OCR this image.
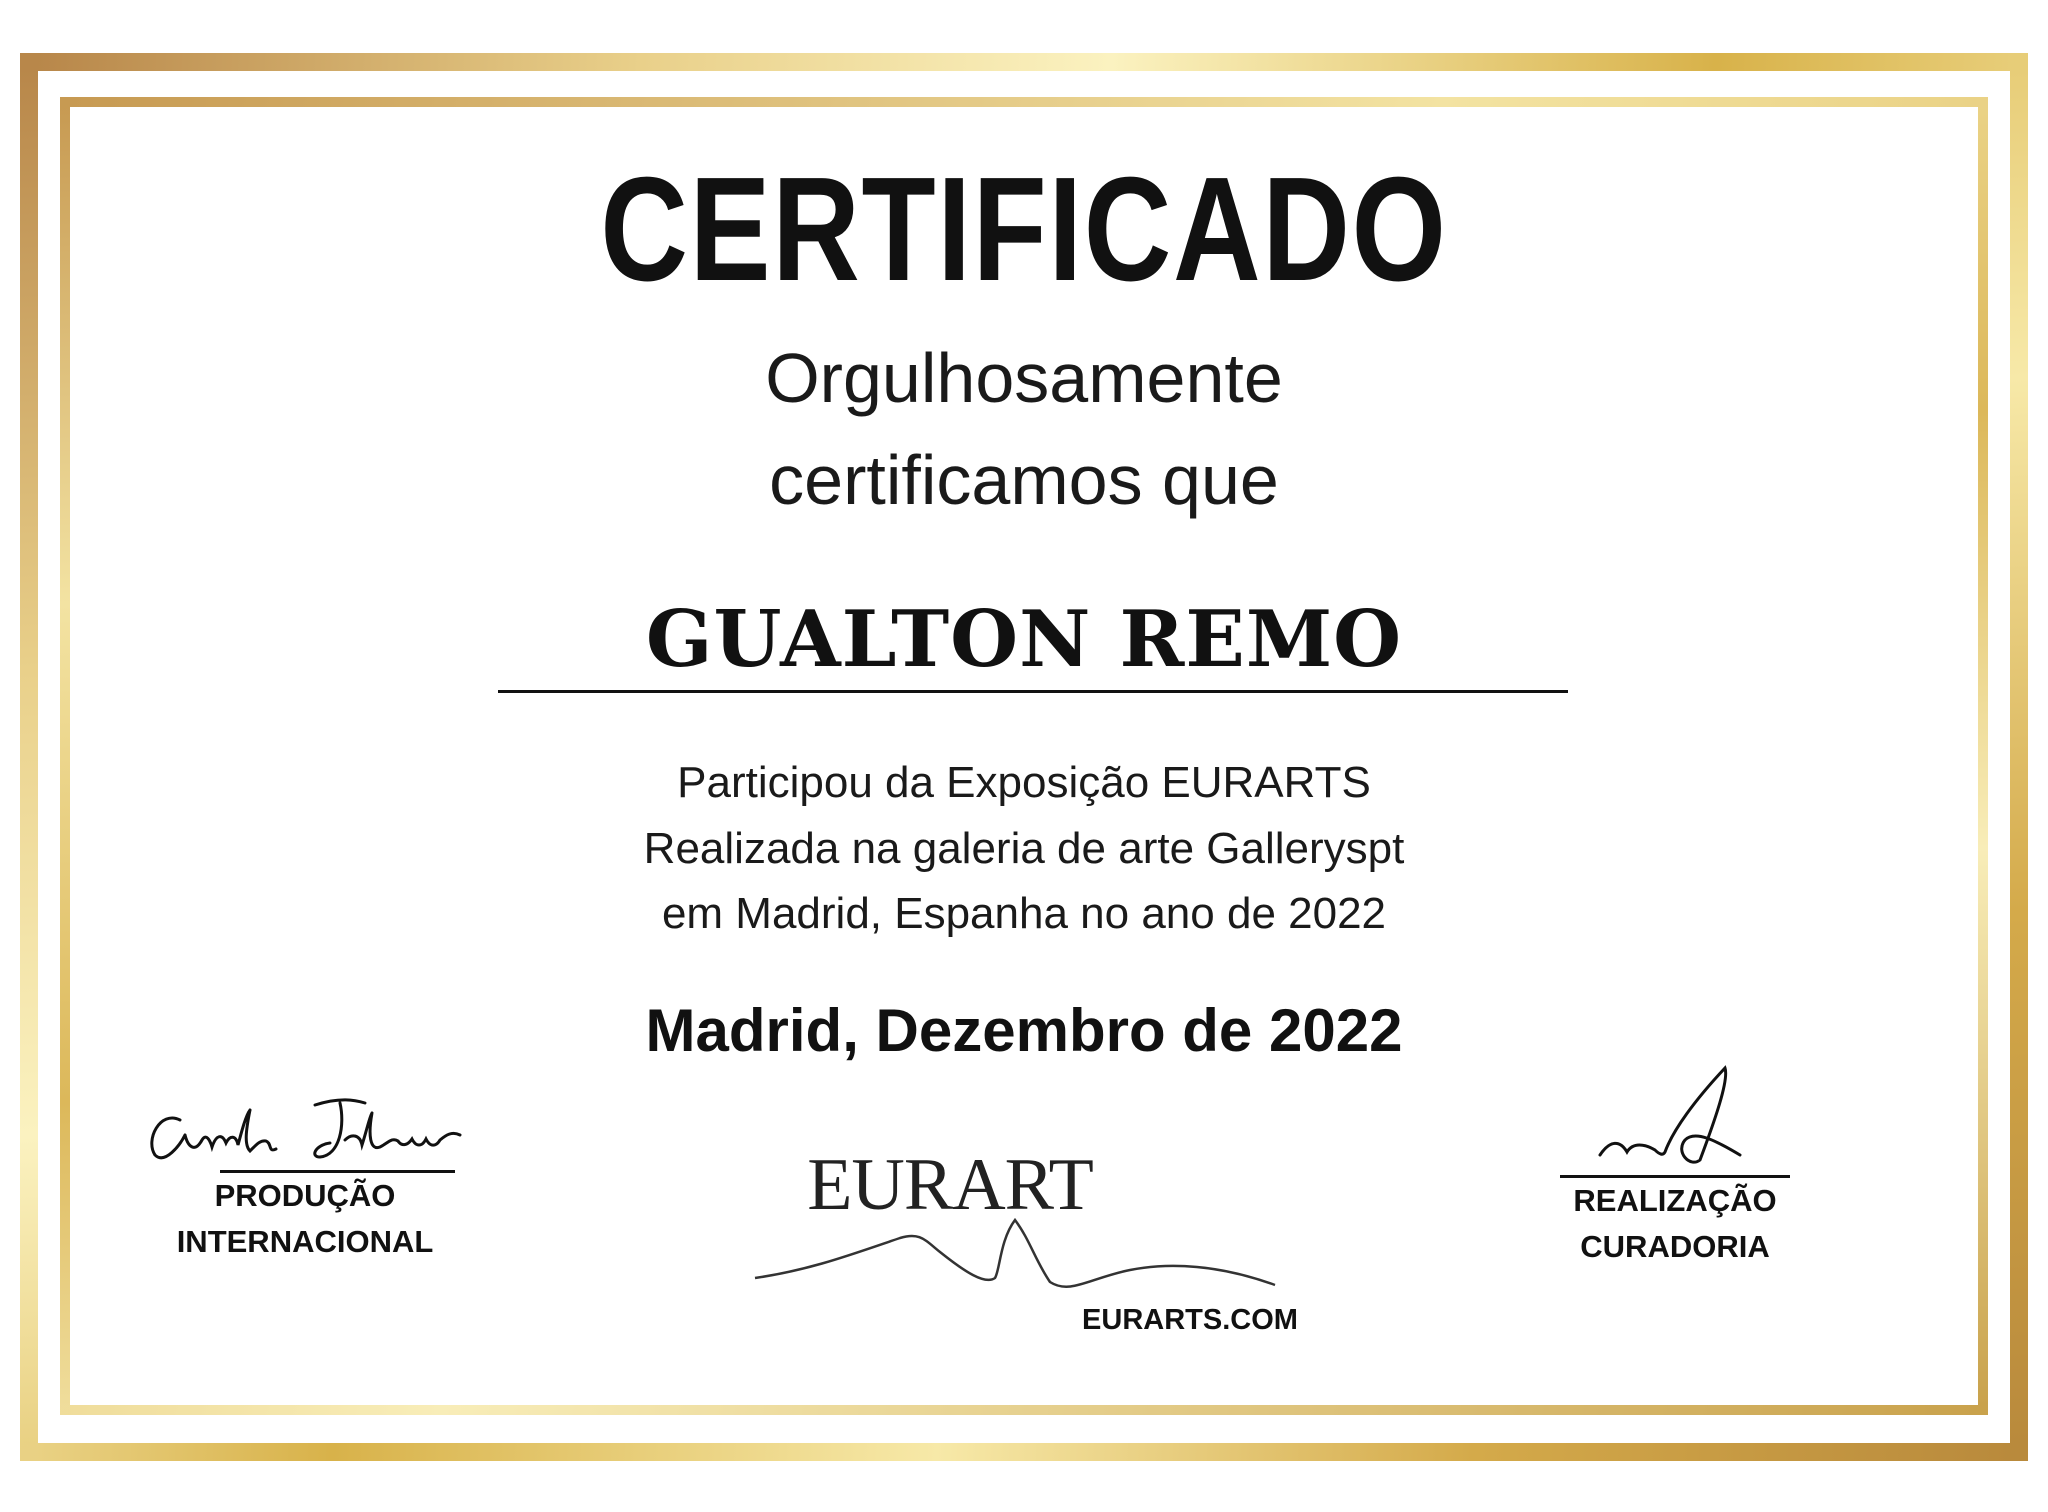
CERTIFICADO
Orgulhosamente
certificamos que
GUALTON REMO
Participou da Exposição EURARTS
Realizada na galeria de arte Galleryspt
em Madrid, Espanha no ano de 2022
Madrid, Dezembro de 2022
PRODUÇÃO
INTERNACIONAL
EURART
EURARTS.COM
REALIZAÇÃO
CURADORIA
